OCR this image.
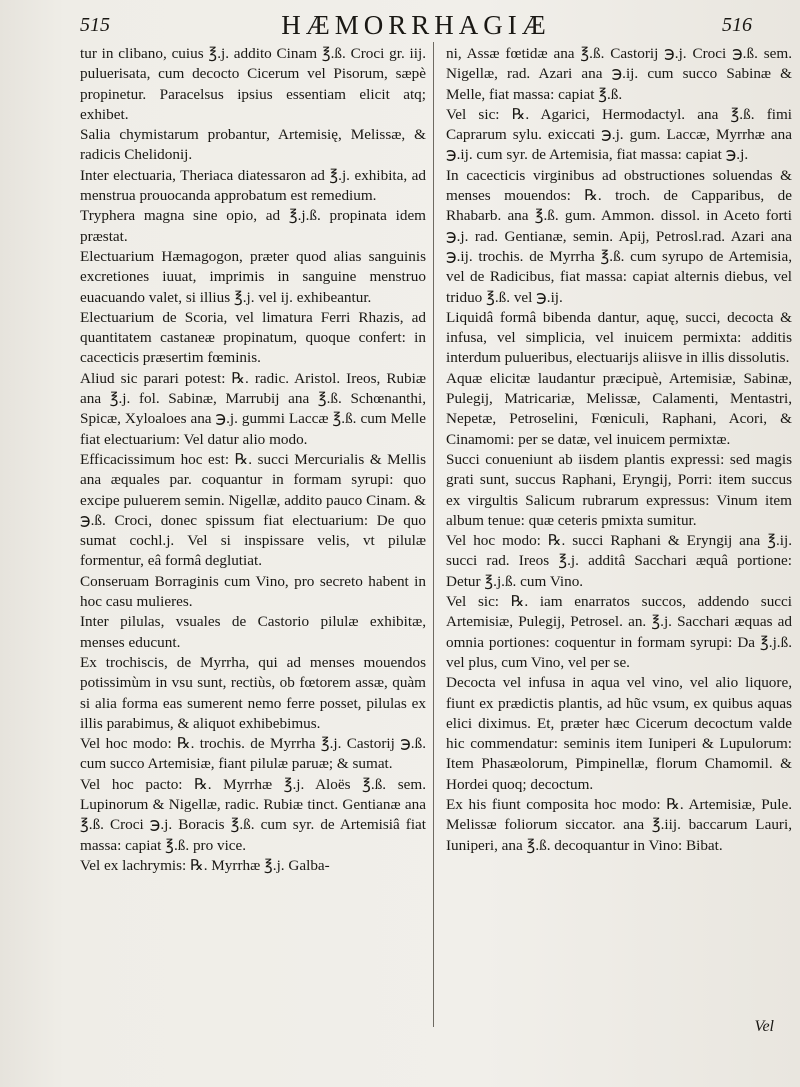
515	HÆMORRHAGIÆ	516

tur in clibano, cuius ℥.j. addito Cinam ℥.ß. Croci gr. iij. puluerisata, cum decocto Cicerum vel Pisorum, sæpè propinetur. Paracelsus ipsius essentiam elicit atq; exhibet.

Salia chymistarum probantur, Artemisię, Melissæ, & radicis Chelidonij.

Inter electuaria, Theriaca diatessaron ad ℥.j. exhibita, ad menstrua prouocanda approbatum est remedium.

Tryphera magna sine opio, ad ℥.j.ß. propinata idem præstat.

Electuarium Hæmagogon, præter quod alias sanguinis excretiones iuuat, imprimis in sanguine menstruo euacuando valet, si illius ℥.j. vel ij. exhibeantur.

Electuarium de Scoria, vel limatura Ferri Rhazis, ad quantitatem castaneæ propinatum, quoque confert: in cacecticis præsertim fœminis.

Aliud sic parari potest: ℞. radic. Aristol. Ireos, Rubiæ ana ℥.j. fol. Sabinæ, Marrubij ana ℥.ß. Schœnanthi, Spicæ, Xyloaloes ana ℈.j. gummi Laccæ ℥.ß. cum Melle fiat electuarium: Vel datur alio modo.

Efficacissimum hoc est: ℞. succi Mercurialis & Mellis ana æquales par. coquantur in formam syrupi: quo excipe puluerem semin. Nigellæ, addito pauco Cinam. & ℈.ß. Croci, donec spissum fiat electuarium: De quo sumat cochl.j. Vel si inspissare velis, vt pilulæ formentur, eâ formâ deglutiat.

Conseruam Borraginis cum Vino, pro secreto habent in hoc casu mulieres.

Inter pilulas, vsuales de Castorio pilulæ exhibitæ, menses educunt.

Ex trochiscis, de Myrrha, qui ad menses mouendos potissimùm in vsu sunt, rectiùs, ob fœtorem assæ, quàm si alia forma eas sumerent nemo ferre posset, pilulas ex illis parabimus, & aliquot exhibebimus.

Vel hoc modo: ℞. trochis. de Myrrha ℥.j. Castorij ℈.ß. cum succo Artemisiæ, fiant pilulæ paruæ; & sumat.

Vel hoc pacto: ℞. Myrrhæ ℥.j. Aloës ℥.ß. sem. Lupinorum & Nigellæ, radic. Rubiæ tinct. Gentianæ ana ℥.ß. Croci ℈.j. Boracis ℥.ß. cum syr. de Artemisiâ fiat massa: capiat ℥.ß. pro vice.

Vel ex lachrymis: ℞. Myrrhæ ℥.j. Galba-

ni, Assæ fœtidæ ana ℥.ß. Castorij ℈.j. Croci ℈.ß. sem. Nigellæ, rad. Azari ana ℈.ij. cum succo Sabinæ & Melle, fiat massa: capiat ℥.ß.

Vel sic: ℞. Agarici, Hermodactyl. ana ℥.ß. fimi Caprarum sylu. exiccati ℈.j. gum. Laccæ, Myrrhæ ana ℈.ij. cum syr. de Artemisia, fiat massa: capiat ℈.j.

In cacecticis virginibus ad obstructiones soluendas & menses mouendos: ℞. troch. de Capparibus, de Rhabarb. ana ℥.ß. gum. Ammon. dissol. in Aceto forti ℈.j. rad. Gentianæ, semin. Apij, Petrosl.rad. Azari ana ℈.ij. trochis. de Myrrha ℥.ß. cum syrupo de Artemisia, vel de Radicibus, fiat massa: capiat alternis diebus, vel triduo ℥.ß. vel ℈.ij.

Liquidâ formâ bibenda dantur, aquę, succi, decocta & infusa, vel simplicia, vel inuicem permixta: additis interdum pulueribus, electuarijs aliisve in illis dissolutis.

Aquæ elicitæ laudantur præcipuè, Artemisiæ, Sabinæ, Pulegij, Matricariæ, Melissæ, Calamenti, Mentastri, Nepetæ, Petroselini, Fœniculi, Raphani, Acori, & Cinamomi: per se datæ, vel inuicem permixtæ.

Succi conueniunt ab iisdem plantis expressi: sed magis grati sunt, succus Raphani, Eryngij, Porri: item succus ex virgultis Salicum rubrarum expressus: Vinum item album tenue: quæ ceteris pmixta sumitur.

Vel hoc modo: ℞. succi Raphani & Eryngij ana ℥.ij. succi rad. Ireos ℥.j. additâ Sacchari æquâ portione: Detur ℥.j.ß. cum Vino.

Vel sic: ℞. iam enarratos succos, addendo succi Artemisiæ, Pulegij, Petrosel. an. ℥.j. Sacchari æquas ad omnia portiones: coquentur in formam syrupi: Da ℥.j.ß. vel plus, cum Vino, vel per se.

Decocta vel infusa in aqua vel vino, vel alio liquore, fiunt ex prædictis plantis, ad hũc vsum, ex quibus aquas elici diximus. Et, præter hæc Cicerum decoctum valde hic commendatur: seminis item Iuniperi & Lupulorum: Item Phasæolorum, Pimpinellæ, florum Chamomil. & Hordei quoq; decoctum.

Ex his fiunt composita hoc modo: ℞. Artemisiæ, Pule. Melissæ foliorum siccator. ana ℥.iij. baccarum Lauri, Iuniperi, ana ℥.ß. decoquantur in Vino: Bibat.

Vel
